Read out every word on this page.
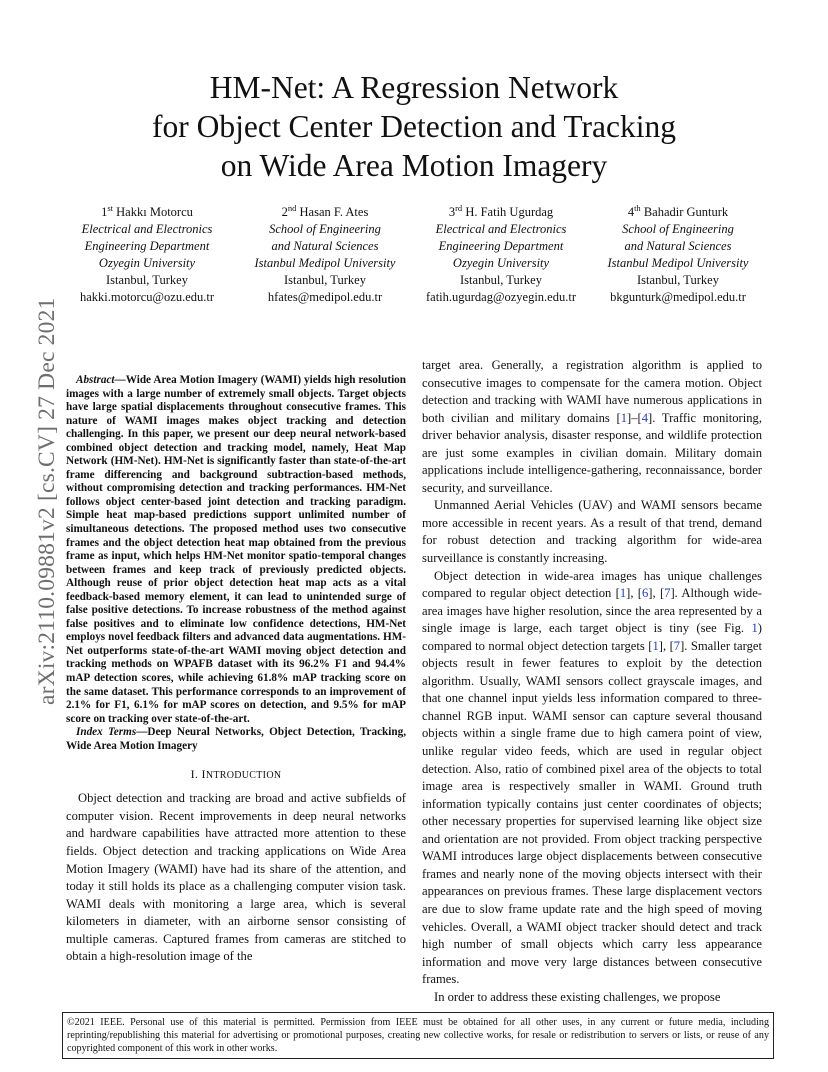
arXiv:2110.09881v2 [cs.CV] 27 Dec 2021
HM-Net: A Regression Network
for Object Center Detection and Tracking
on Wide Area Motion Imagery
1st Hakkı Motorcu
Electrical and Electronics
Engineering Department
Ozyegin University
Istanbul, Turkey
hakki.motorcu@ozu.edu.tr
2nd Hasan F. Ates
School of Engineering
and Natural Sciences
Istanbul Medipol University
Istanbul, Turkey
hfates@medipol.edu.tr
3rd H. Fatih Ugurdag
Electrical and Electronics
Engineering Department
Ozyegin University
Istanbul, Turkey
fatih.ugurdag@ozyegin.edu.tr
4th Bahadir Gunturk
School of Engineering
and Natural Sciences
Istanbul Medipol University
Istanbul, Turkey
bkgunturk@medipol.edu.tr

Abstract—Wide Area Motion Imagery (WAMI) yields high resolution images with a large number of extremely small objects. Target objects have large spatial displacements throughout consecutive frames. This nature of WAMI images makes object tracking and detection challenging. In this paper, we present our deep neural network-based combined object detection and tracking model, namely, Heat Map Network (HM-Net). HM-Net is significantly faster than state-of-the-art frame differencing and background subtraction-based methods, without compromising detection and tracking performances. HM-Net follows object center-based joint detection and tracking paradigm. Simple heat map-based predictions support unlimited number of simultaneous detections. The proposed method uses two consecutive frames and the object detection heat map obtained from the previous frame as input, which helps HM-Net monitor spatio-temporal changes between frames and keep track of previously predicted objects. Although reuse of prior object detection heat map acts as a vital feedback-based memory element, it can lead to unintended surge of false positive detections. To increase robustness of the method against false positives and to eliminate low confidence detections, HM-Net employs novel feedback filters and advanced data augmentations. HM-Net outperforms state-of-the-art WAMI moving object detection and tracking methods on WPAFB dataset with its 96.2% F1 and 94.4% mAP detection scores, while achieving 61.8% mAP tracking score on the same dataset. This performance corresponds to an improvement of 2.1% for F1, 6.1% for mAP scores on detection, and 9.5% for mAP score on tracking over state-of-the-art.

Index Terms—Deep Neural Networks, Object Detection, Tracking, Wide Area Motion Imagery

I. INTRODUCTION

Object detection and tracking are broad and active subfields of computer vision. Recent improvements in deep neural networks and hardware capabilities have attracted more attention to these fields. Object detection and tracking applications on Wide Area Motion Imagery (WAMI) have had its share of the attention, and today it still holds its place as a challenging computer vision task. WAMI deals with monitoring a large area, which is several kilometers in diameter, with an airborne sensor consisting of multiple cameras. Captured frames from cameras are stitched to obtain a high-resolution image of the

target area. Generally, a registration algorithm is applied to consecutive images to compensate for the camera motion. Object detection and tracking with WAMI have numerous applications in both civilian and military domains [1]–[4]. Traffic monitoring, driver behavior analysis, disaster response, and wildlife protection are just some examples in civilian domain. Military domain applications include intelligence-gathering, reconnaissance, border security, and surveillance.

Unmanned Aerial Vehicles (UAV) and WAMI sensors became more accessible in recent years. As a result of that trend, demand for robust detection and tracking algorithm for wide-area surveillance is constantly increasing.

Object detection in wide-area images has unique challenges compared to regular object detection [1], [6], [7]. Although wide-area images have higher resolution, since the area represented by a single image is large, each target object is tiny (see Fig. 1) compared to normal object detection targets [1], [7]. Smaller target objects result in fewer features to exploit by the detection algorithm. Usually, WAMI sensors collect grayscale images, and that one channel input yields less information compared to three-channel RGB input. WAMI sensor can capture several thousand objects within a single frame due to high camera point of view, unlike regular video feeds, which are used in regular object detection. Also, ratio of combined pixel area of the objects to total image area is respectively smaller in WAMI. Ground truth information typically contains just center coordinates of objects; other necessary properties for supervised learning like object size and orientation are not provided. From object tracking perspective WAMI introduces large object displacements between consecutive frames and nearly none of the moving objects intersect with their appearances on previous frames. These large displacement vectors are due to slow frame update rate and the high speed of moving vehicles. Overall, a WAMI object tracker should detect and track high number of small objects which carry less appearance information and move very large distances between consecutive frames.

In order to address these existing challenges, we propose

©2021 IEEE. Personal use of this material is permitted. Permission from IEEE must be obtained for all other uses, in any current or future media, including reprinting/republishing this material for advertising or promotional purposes, creating new collective works, for resale or redistribution to servers or lists, or reuse of any copyrighted component of this work in other works.
